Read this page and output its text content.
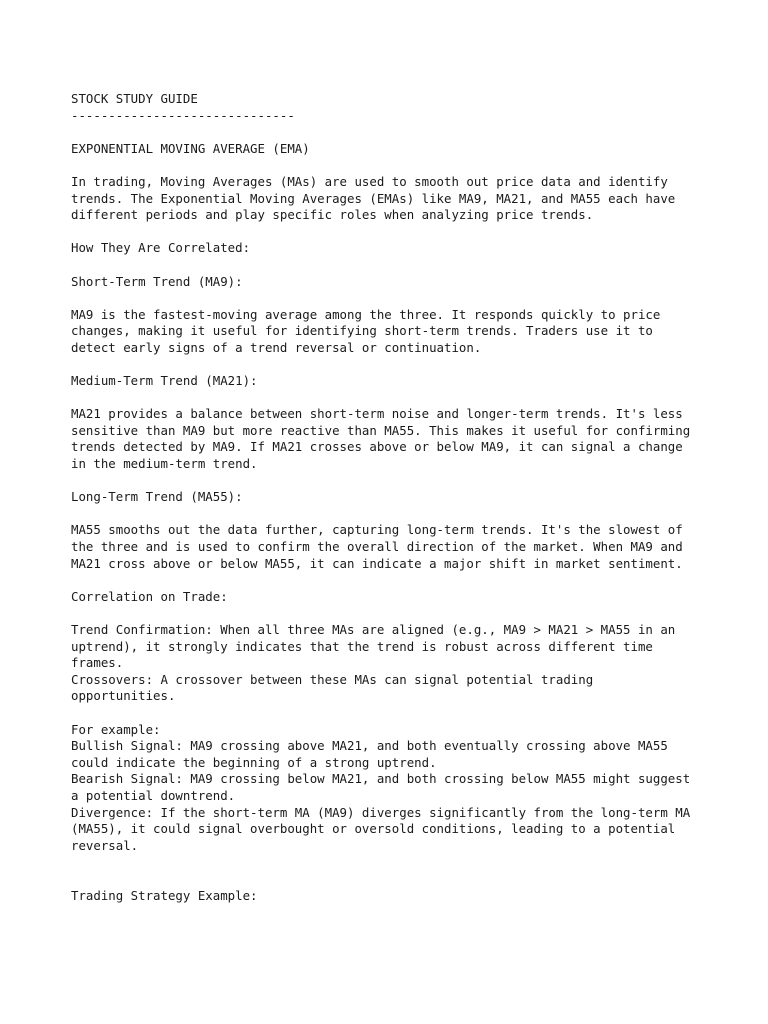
STOCK STUDY GUIDE
------------------------------
EXPONENTIAL MOVING AVERAGE (EMA)
In trading, Moving Averages (MAs) are used to smooth out price data and identify
trends. The Exponential Moving Averages (EMAs) like MA9, MA21, and MA55 each have
different periods and play specific roles when analyzing price trends.
How They Are Correlated:
Short-Term Trend (MA9):
MA9 is the fastest-moving average among the three. It responds quickly to price
changes, making it useful for identifying short-term trends. Traders use it to
detect early signs of a trend reversal or continuation.
Medium-Term Trend (MA21):
MA21 provides a balance between short-term noise and longer-term trends. It's less
sensitive than MA9 but more reactive than MA55. This makes it useful for confirming
trends detected by MA9. If MA21 crosses above or below MA9, it can signal a change
in the medium-term trend.
Long-Term Trend (MA55):
MA55 smooths out the data further, capturing long-term trends. It's the slowest of
the three and is used to confirm the overall direction of the market. When MA9 and
MA21 cross above or below MA55, it can indicate a major shift in market sentiment.
Correlation on Trade:
Trend Confirmation: When all three MAs are aligned (e.g., MA9 > MA21 > MA55 in an
uptrend), it strongly indicates that the trend is robust across different time
frames.
Crossovers: A crossover between these MAs can signal potential trading
opportunities.
For example:
Bullish Signal: MA9 crossing above MA21, and both eventually crossing above MA55
could indicate the beginning of a strong uptrend.
Bearish Signal: MA9 crossing below MA21, and both crossing below MA55 might suggest
a potential downtrend.
Divergence: If the short-term MA (MA9) diverges significantly from the long-term MA
(MA55), it could signal overbought or oversold conditions, leading to a potential
reversal.
Trading Strategy Example:
